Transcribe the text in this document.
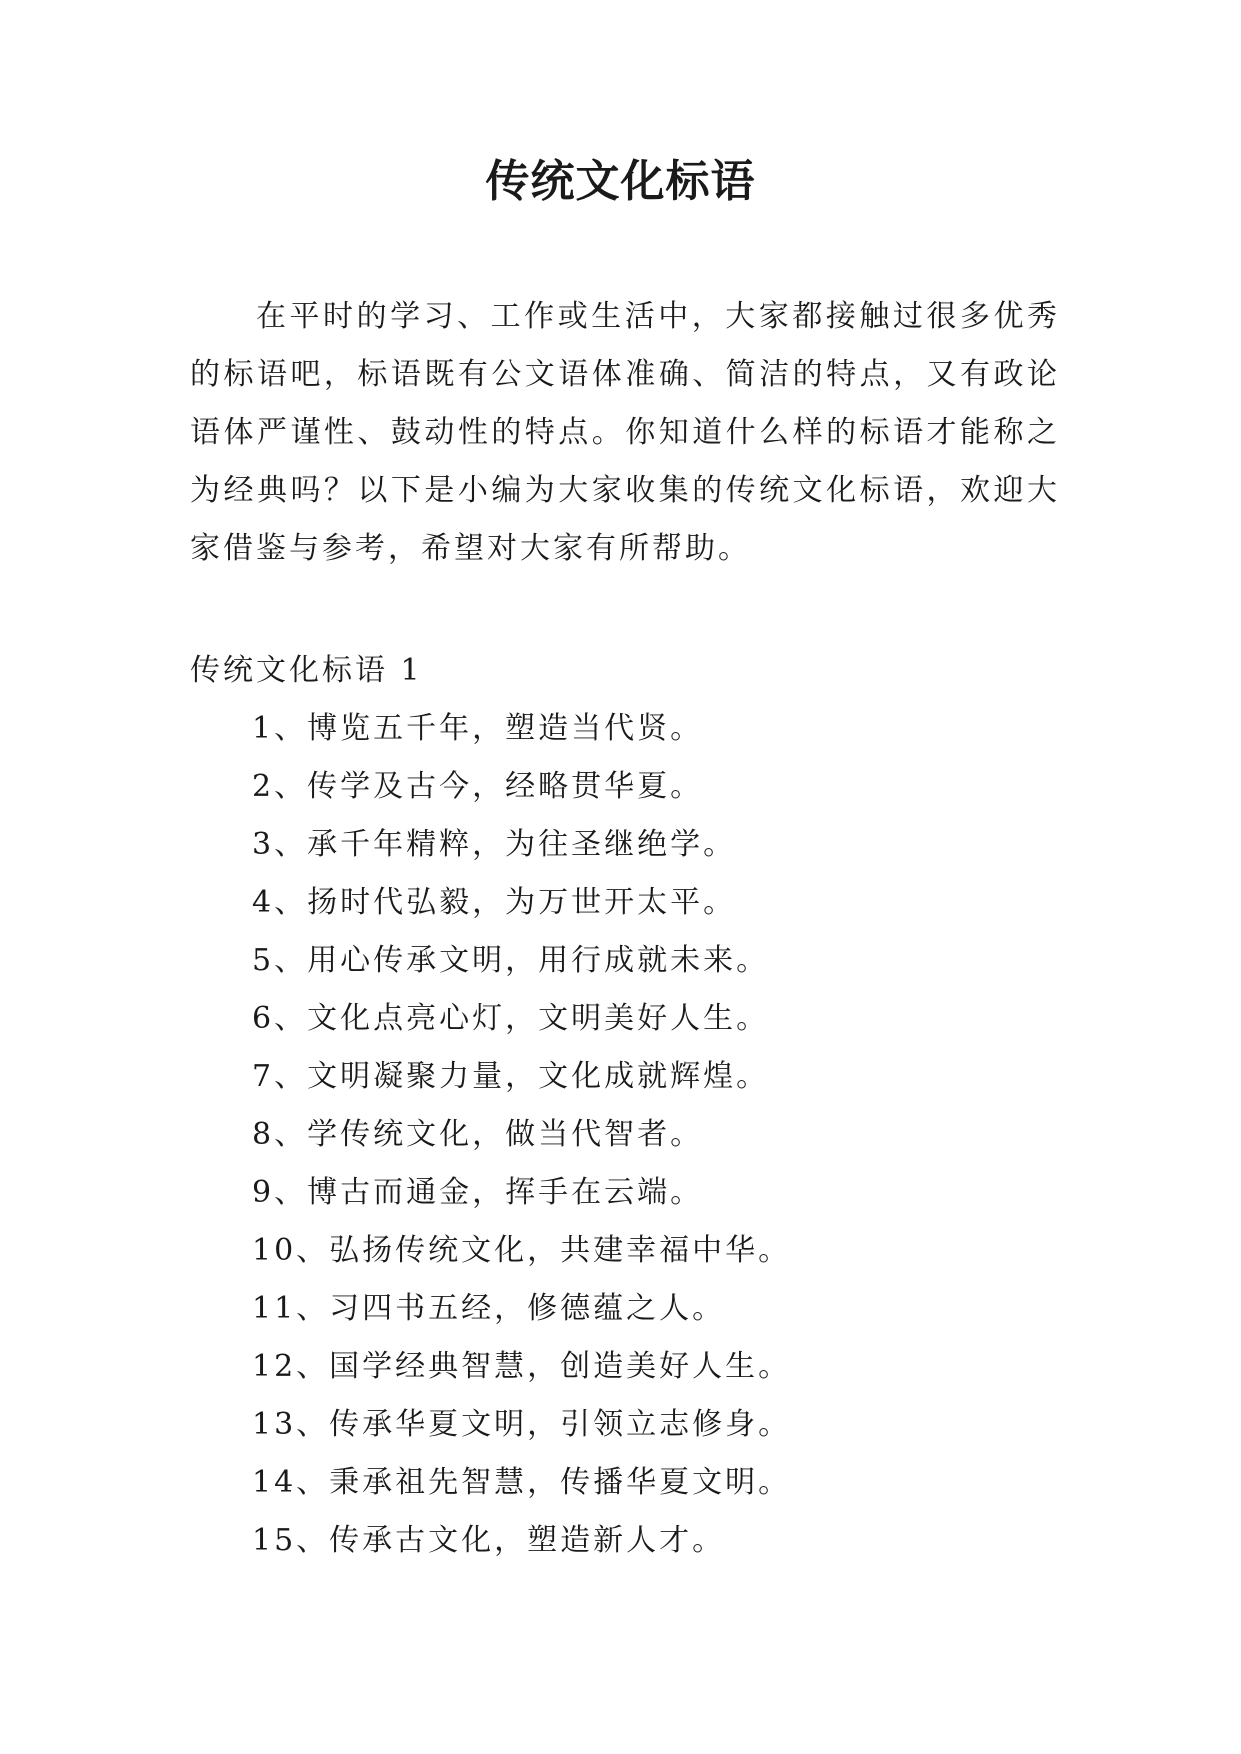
传统文化标语

在平时的学习、工作或生活中，大家都接触过很多优秀的标语吧，标语既有公文语体准确、简洁的特点，又有政论语体严谨性、鼓动性的特点。你知道什么样的标语才能称之为经典吗？以下是小编为大家收集的传统文化标语，欢迎大家借鉴与参考，希望对大家有所帮助。

传统文化标语 1

1、博览五千年，塑造当代贤。
2、传学及古今，经略贯华夏。
3、承千年精粹，为往圣继绝学。
4、扬时代弘毅，为万世开太平。
5、用心传承文明，用行成就未来。
6、文化点亮心灯，文明美好人生。
7、文明凝聚力量，文化成就辉煌。
8、学传统文化，做当代智者。
9、博古而通金，挥手在云端。
10、弘扬传统文化，共建幸福中华。
11、习四书五经，修德蕴之人。
12、国学经典智慧，创造美好人生。
13、传承华夏文明，引领立志修身。
14、秉承祖先智慧，传播华夏文明。
15、传承古文化，塑造新人才。
